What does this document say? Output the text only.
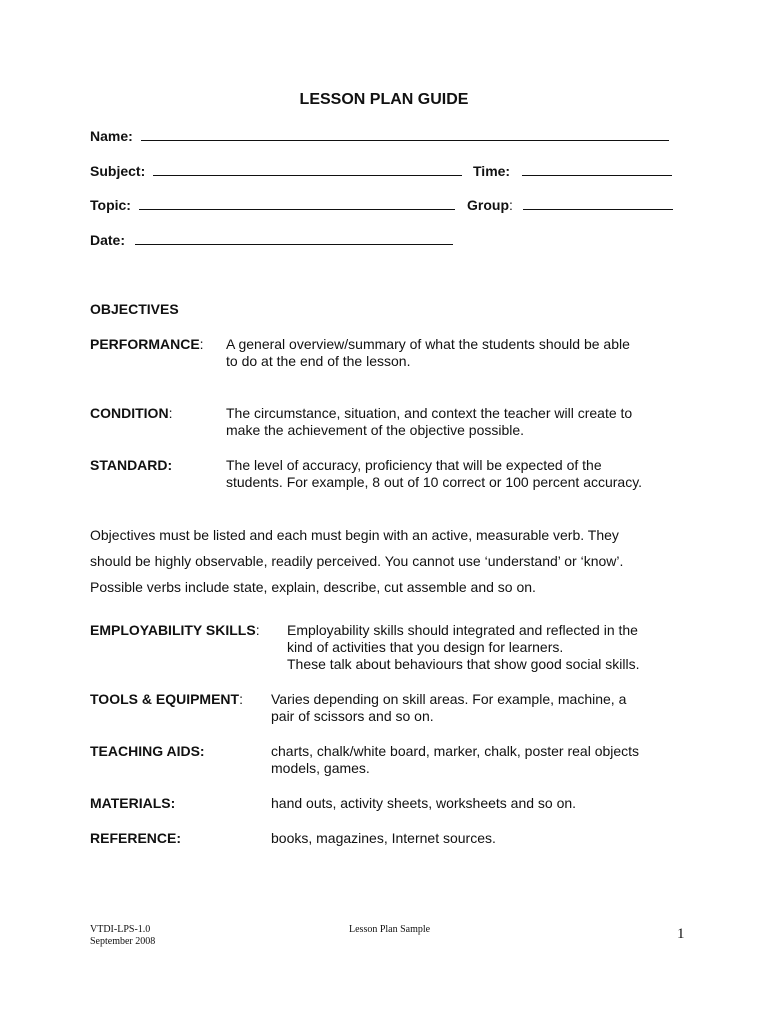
LESSON PLAN GUIDE
Name:
Subject:	Time:
Topic:	Group:
Date:
OBJECTIVES
PERFORMANCE: A general overview/summary of what the students should be able
to do at the end of the lesson.
CONDITION:	The circumstance, situation, and context the teacher will create to
make the achievement of the objective possible.
STANDARD:	The level of accuracy, proficiency that will be expected of the
students. For example, 8 out of 10 correct or 100 percent accuracy.
Objectives must be listed and each must begin with an active, measurable verb. They
should be highly observable, readily perceived. You cannot use ‘understand’ or ‘know’.
Possible verbs include state, explain, describe, cut assemble and so on.
EMPLOYABILITY SKILLS: Employability skills should integrated and reflected in the
kind of activities that you design for learners.
These talk about behaviours that show good social skills.
TOOLS & EQUIPMENT: Varies depending on skill areas. For example, machine, a
pair of scissors and so on.
TEACHING AIDS:	charts, chalk/white board, marker, chalk, poster real objects
models, games.
MATERIALS:	hand outs, activity sheets, worksheets and so on.
REFERENCE:	books, magazines, Internet sources.
VTDI-LPS-1.0
September 2008
Lesson Plan Sample	1
